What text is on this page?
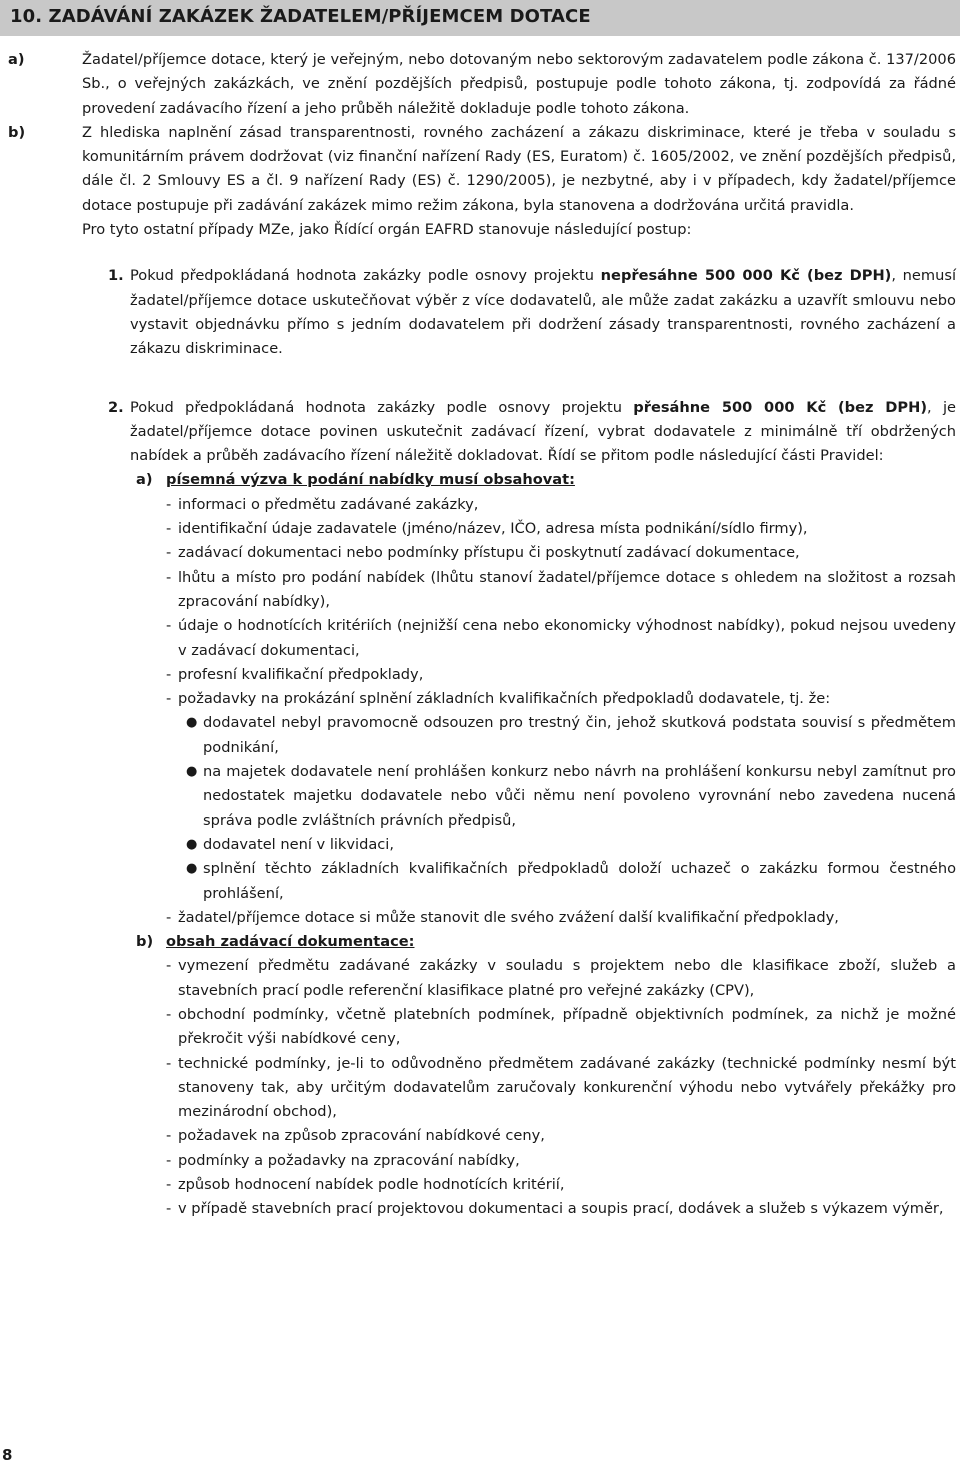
10. ZADÁVÁNÍ ZAKÁZEK ŽADATELEM/PŘÍJEMCEM DOTACE
a)	Žadatel/příjemce dotace, který je veřejným, nebo dotovaným nebo sektorovým zadavatelem podle zákona č. 137/2006 Sb., o veřejných zakázkách, ve znění pozdějších předpisů, postupuje podle tohoto zákona, tj. zodpovídá za řádné provedení zadávacího řízení a jeho průběh náležitě dokladuje podle tohoto zákona.
b)	Z hlediska naplnění zásad transparentnosti, rovného zacházení a zákazu diskriminace, které je třeba v souladu s komunitárním právem dodržovat (viz finanční nařízení Rady (ES, Euratom) č. 1605/2002, ve znění pozdějších předpisů, dále čl. 2 Smlouvy ES a čl. 9 nařízení Rady (ES) č. 1290/2005), je nezbytné, aby i v případech, kdy žadatel/příjemce dotace postupuje při zadávání zakázek mimo režim zákona, byla stanovena a dodržována určitá pravidla.
Pro tyto ostatní případy MZe, jako Řídící orgán EAFRD stanovuje následující postup:
1. Pokud předpokládaná hodnota zakázky podle osnovy projektu nepřesáhne 500 000 Kč (bez DPH), nemusí žadatel/příjemce dotace uskutečňovat výběr z více dodavatelů, ale může zadat zakázku a uzavřít smlouvu nebo vystavit objednávku přímo s jedním dodavatelem při dodržení zásady transparentnosti, rovného zacházení a zákazu diskriminace.
2. Pokud předpokládaná hodnota zakázky podle osnovy projektu přesáhne 500 000 Kč (bez DPH), je žadatel/příjemce dotace povinen uskutečnit zadávací řízení, vybrat dodavatele z minimálně tří obdržených nabídek a průběh zadávacího řízení náležitě dokladovat. Řídí se přitom podle následující části Pravidel:
a) písemná výzva k podání nabídky musí obsahovat:
- informaci o předmětu zadávané zakázky,
- identifikační údaje zadavatele (jméno/název, IČO, adresa místa podnikání/sídlo firmy),
- zadávací dokumentaci nebo podmínky přístupu či poskytnutí zadávací dokumentace,
- lhůtu a místo pro podání nabídek (lhůtu stanoví žadatel/příjemce dotace s ohledem na složitost a rozsah zpracování nabídky),
- údaje o hodnotících kritériích (nejnižší cena nebo ekonomicky výhodnost nabídky), pokud nejsou uvedeny v zadávací dokumentaci,
- profesní kvalifikační předpoklady,
- požadavky na prokázání splnění základních kvalifikačních předpokladů dodavatele, tj. že:
● dodavatel nebyl pravomocně odsouzen pro trestný čin, jehož skutková podstata souvisí s předmětem podnikání,
● na majetek dodavatele není prohlášen konkurz nebo návrh na prohlášení konkursu nebyl zamítnut pro nedostatek majetku dodavatele nebo vůči němu není povoleno vyrovnání nebo zavedena nucená správa podle zvláštních právních předpisů,
● dodavatel není v likvidaci,
● splnění těchto základních kvalifikačních předpokladů doloží uchazeč o zakázku formou čestného prohlášení,
- žadatel/příjemce dotace si může stanovit dle svého zvážení další kvalifikační předpoklady,
b) obsah zadávací dokumentace:
- vymezení předmětu zadávané zakázky v souladu s projektem nebo dle klasifikace zboží, služeb a stavebních prací podle referenční klasifikace platné pro veřejné zakázky (CPV),
- obchodní podmínky, včetně platebních podmínek, případně objektivních podmínek, za nichž je možné překročit výši nabídkové ceny,
- technické podmínky, je-li to odůvodněno předmětem zadávané zakázky (technické podmínky nesmí být stanoveny tak, aby určitým dodavatelům zaručovaly konkurenční výhodu nebo vytvářely překážky pro mezinárodní obchod),
- požadavek na způsob zpracování nabídkové ceny,
- podmínky a požadavky na zpracování nabídky,
- způsob hodnocení nabídek podle hodnotících kritérií,
- v případě stavebních prací projektovou dokumentaci a soupis prací, dodávek a služeb s výkazem výměr,
8
